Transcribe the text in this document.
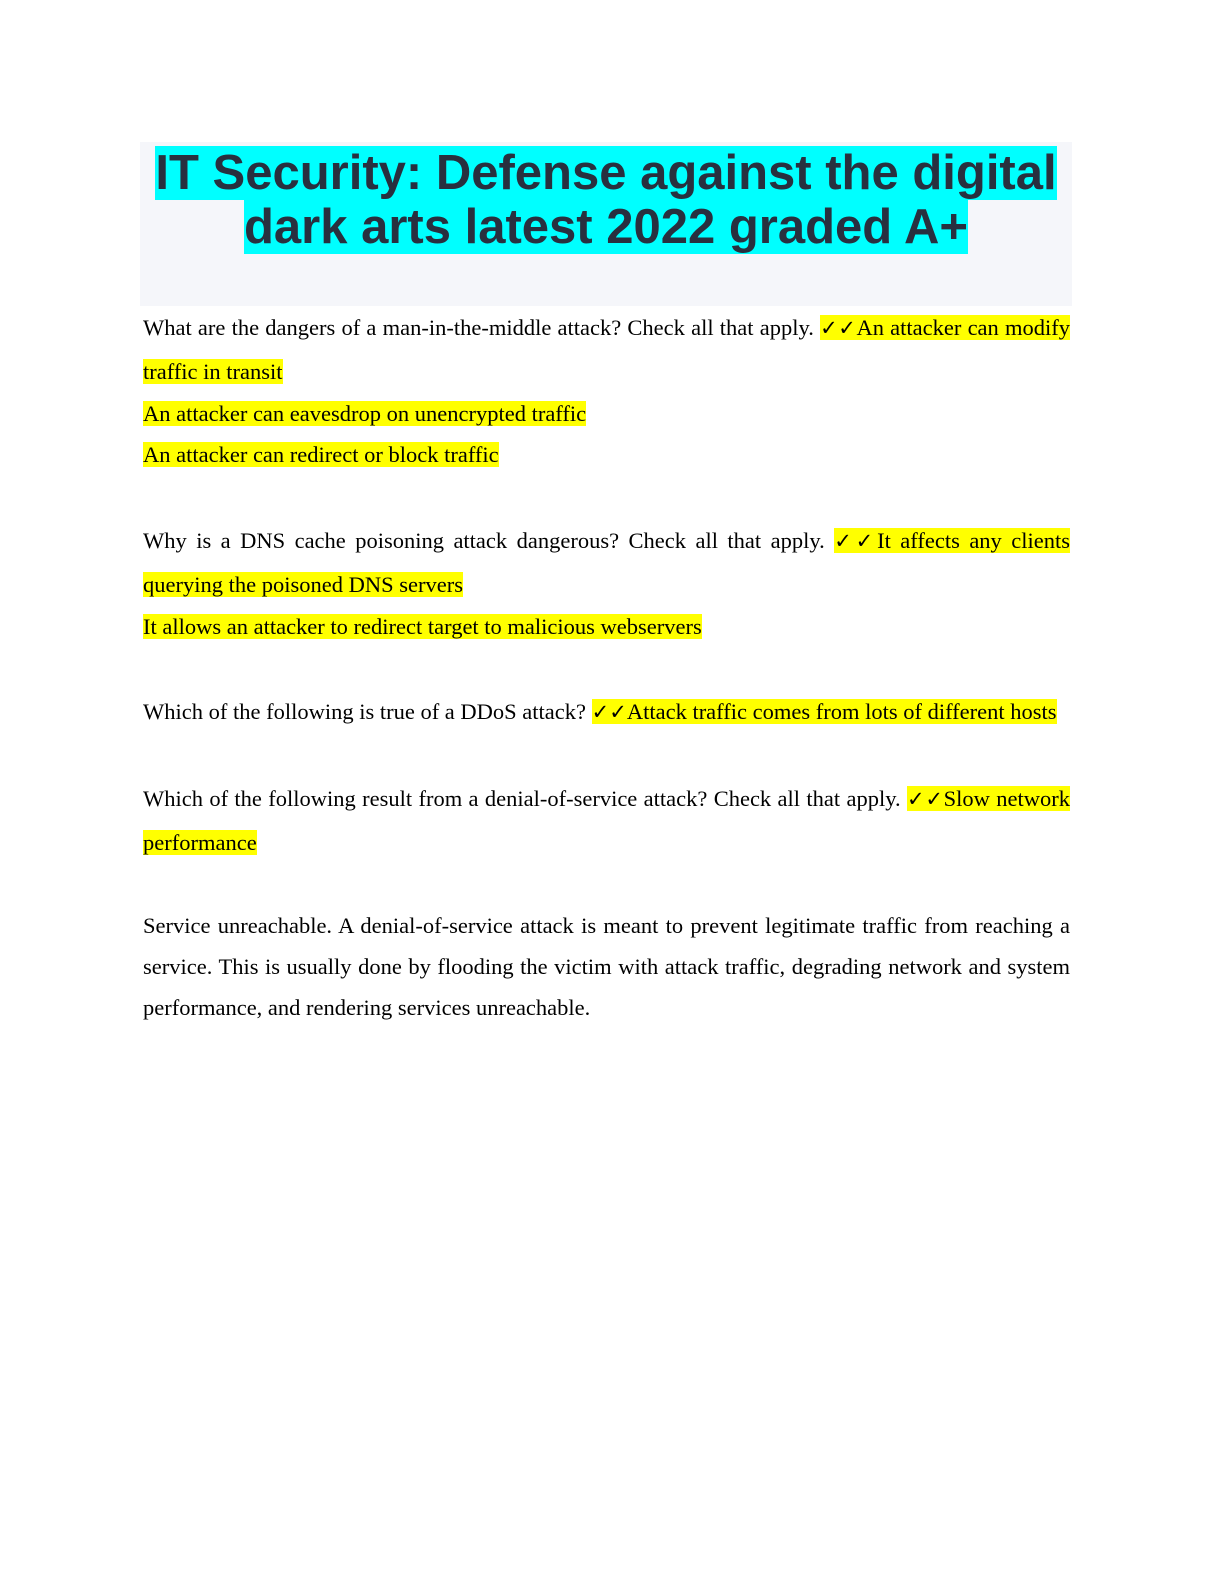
IT Security: Defense against the digital
dark arts latest 2022 graded A+

What are the dangers of a man-in-the-middle attack? Check all that apply. ✓✓An attacker can modify traffic in transit

An attacker can eavesdrop on unencrypted traffic

An attacker can redirect or block traffic

Why is a DNS cache poisoning attack dangerous? Check all that apply. ✓✓It affects any clients querying the poisoned DNS servers

It allows an attacker to redirect target to malicious webservers

Which of the following is true of a DDoS attack? ✓✓Attack traffic comes from lots of different hosts

Which of the following result from a denial-of-service attack? Check all that apply. ✓✓Slow network performance

Service unreachable. A denial-of-service attack is meant to prevent legitimate traffic from reaching a service. This is usually done by flooding the victim with attack traffic, degrading network and system performance, and rendering services unreachable.
